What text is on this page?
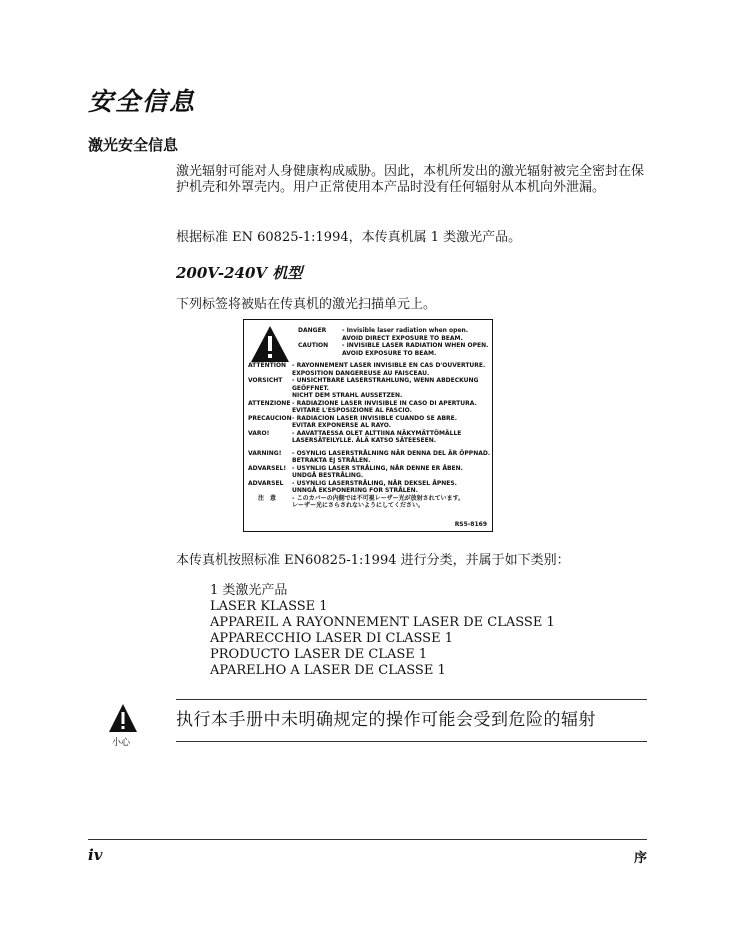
安全信息
激光安全信息
激光辐射可能对人身健康构成威胁。因此，本机所发出的激光辐射被完全密封在保护机壳和外罩壳内。用户正常使用本产品时没有任何辐射从本机向外泄漏。
根据标准 EN 60825-1:1994，本传真机属 1 类激光产品。
200V-240V 机型
下列标签将被贴在传真机的激光扫描单元上。
DANGER	- Invisible laser radiation when open.
AVOID DIRECT EXPOSURE TO BEAM.
CAUTION	- INVISIBLE LASER RADIATION WHEN OPEN.
AVOID EXPOSURE TO BEAM.
ATTENTION - RAYONNEMENT LASER INVISIBLE EN CAS D'OUVERTURE.
EXPOSITION DANGEREUSE AU FAISCEAU.
VORSICHT	- UNSICHTBARE LASERSTRAHLUNG, WENN ABDECKUNG GEÖFFNET.
NICHT DEM STRAHL AUSSETZEN.
ATTENZIONE - RADIAZIONE LASER INVISIBLE IN CASO DI APERTURA.
EVITARE L'ESPOSIZIONE AL FASCIO.
PRECAUCION - RADIACION LASER INVISIBLE CUANDO SE ABRE.
EVITAR EXPONERSE AL RAYO.
VARO!	- AAVATTAESSA OLET ALTTIINA NÄKYMÄTTÖMÄLLE
LASERSÄTEILYLLE. ÄLÄ KATSO SÄTEESEEN.
VARNING!	- OSYNLIG LASERSTRÅLNING NÄR DENNA DEL ÄR ÖPPNAD.
BETRAKTA EJ STRÅLEN.
ADVARSEL! - USYNLIG LASER STRÅLING, NÅR DENNE ER ÅBEN.
UNDGÅ BESTRÅLING.
ADVARSEL	- USYNLIG LASERSTRÅLING, NÅR DEKSEL ÅPNES.
UNNGÅ EKSPONERING FOR STRÅLEN.
注　意	- このカバーの内側では不可視レーザー光が放射されています。
レーザー光にさらされないようにしてください。
RS5-8169
本传真机按照标准 EN60825-1:1994 进行分类，并属于如下类别：
1 类激光产品
LASER KLASSE 1
APPAREIL A RAYONNEMENT LASER DE CLASSE 1
APPARECCHIO LASER DI CLASSE 1
PRODUCTO LASER DE CLASE 1
APARELHO A LASER DE CLASSE 1
小心
执行本手册中未明确规定的操作可能会受到危险的辐射
iv	序
